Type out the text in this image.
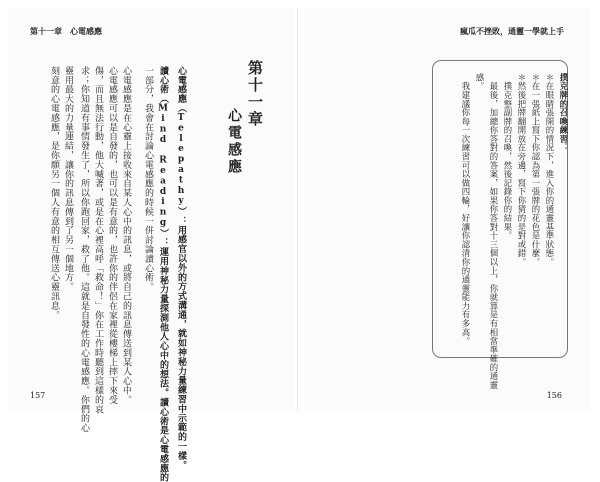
第十一章　心電感應
第十一章
心電感應
心電感應（Telepathy）：用感官以外的方式溝通，就如神秘力量練習中示範的一樣。
讀心術（Mind Reading）：運用神秘力量探測他人心中的想法。讀心術是心電感應的
一部分，我會在討論心電感應的時候一併討論讀心術。
心電感應是在心靈上接收來自某人心中的訊息，或將自己的訊息傳送到某人心中。
心電感應可以是自發的，也可以是有意的，也許你的伴侶在家裡從樓梯上摔下來受
傷，而且無法行動，他大喊著，或是在心裡高呼「救命！」你在工作時聽到這樣的哀
求；你知道有事情發生了，所以你跑回家，救了他。這就是自發性的心電感應。你們的心
靈用最大的力量連結，讓你的訊息傳到了另一個地方。
刻意的心電感應，是你願另一個人有意的相互傳送心靈訊息。
157
瘋瓜不挫敗，通靈一學就上手
撲克牌的召喚練習：
＊在眼睛張開的情況下，進入你的通靈基準狀態。
＊在一張紙上寫下你認為第一張牌的花色是什麼。
＊然後把牌翻開放在旁邊，寫下你猜的是對或錯。
　撲克整副牌的召喚，然後記錄你的結果。
　最後，加總你答對的答案，如果你答對十三個以上，你就算是有相當準確的通靈
感。
　我建議你每一次練習可以做四輪，好讓你認清你的通靈能力有多高。
156
